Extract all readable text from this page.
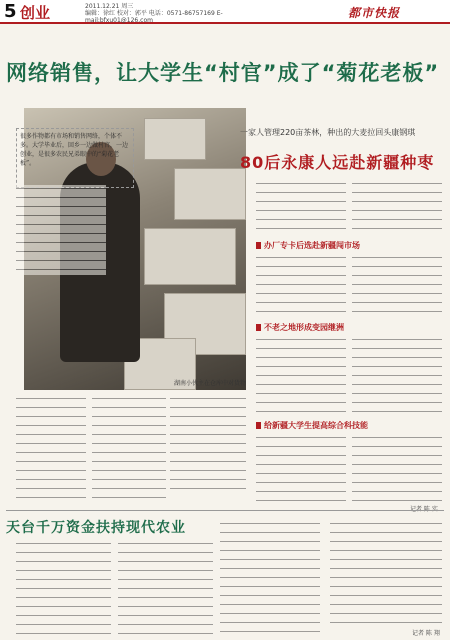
5 创业	2011.12.21 周三
编辑：徐红 校对：郭平 电话：0571-86757169 E-mail:bfxu01@126.com
都市快报
网络销售，让大学生“村官”成了“菊花老板”
湖南小伙主在仓库中对货物
很多作物都有市场和销售网络，个体不多。大学毕业后，回乡一边做村官，一边创业，是很多农民兄弟眼中的“菊花老板”。
一家人管理220亩茶林，种出的大麦拉回头康钢琪
80后永康人远赴新疆种枣
办厂专卡后选赴新疆闯市场
不老之地形成变园继洲
给新疆大学生提高综合科技能
天台千万资金扶持现代农业
记者 陈 翔
